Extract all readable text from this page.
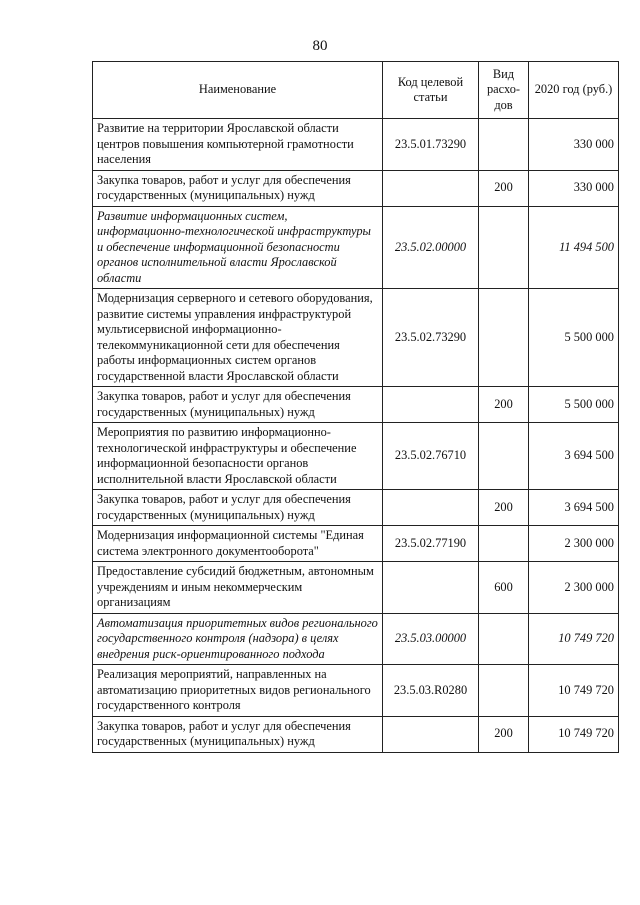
80
Наименование	Код целевой статьи	Вид расхо-дов	2020 год (руб.)
Развитие на территории Ярославской области центров повышения компьютерной грамотности населения	23.5.01.73290		330 000
Закупка товаров, работ и услуг для обеспечения государственных (муниципальных) нужд		200	330 000
Развитие информационных систем, информационно-технологической инфраструктуры и обеспечение информационной безопасности органов исполнительной власти Ярославской области	23.5.02.00000		11 494 500
Модернизация серверного и сетевого оборудования, развитие системы управления инфраструктурой мультисервисной информационно-телекоммуникационной сети для обеспечения работы информационных систем органов государственной власти Ярославской области	23.5.02.73290		5 500 000
Закупка товаров, работ и услуг для обеспечения государственных (муниципальных) нужд		200	5 500 000
Мероприятия по развитию информационно-технологической инфраструктуры и обеспечение информационной безопасности органов исполнительной власти Ярославской области	23.5.02.76710		3 694 500
Закупка товаров, работ и услуг для обеспечения государственных (муниципальных) нужд		200	3 694 500
Модернизация информационной системы "Единая система электронного документооборота"	23.5.02.77190		2 300 000
Предоставление субсидий бюджетным, автономным учреждениям и иным некоммерческим организациям		600	2 300 000
Автоматизация приоритетных видов регионального государственного контроля (надзора) в целях внедрения риск-ориентированного подхода	23.5.03.00000		10 749 720
Реализация мероприятий, направленных на автоматизацию приоритетных видов регионального государственного контроля	23.5.03.R0280		10 749 720
Закупка товаров, работ и услуг для обеспечения государственных (муниципальных) нужд		200	10 749 720
